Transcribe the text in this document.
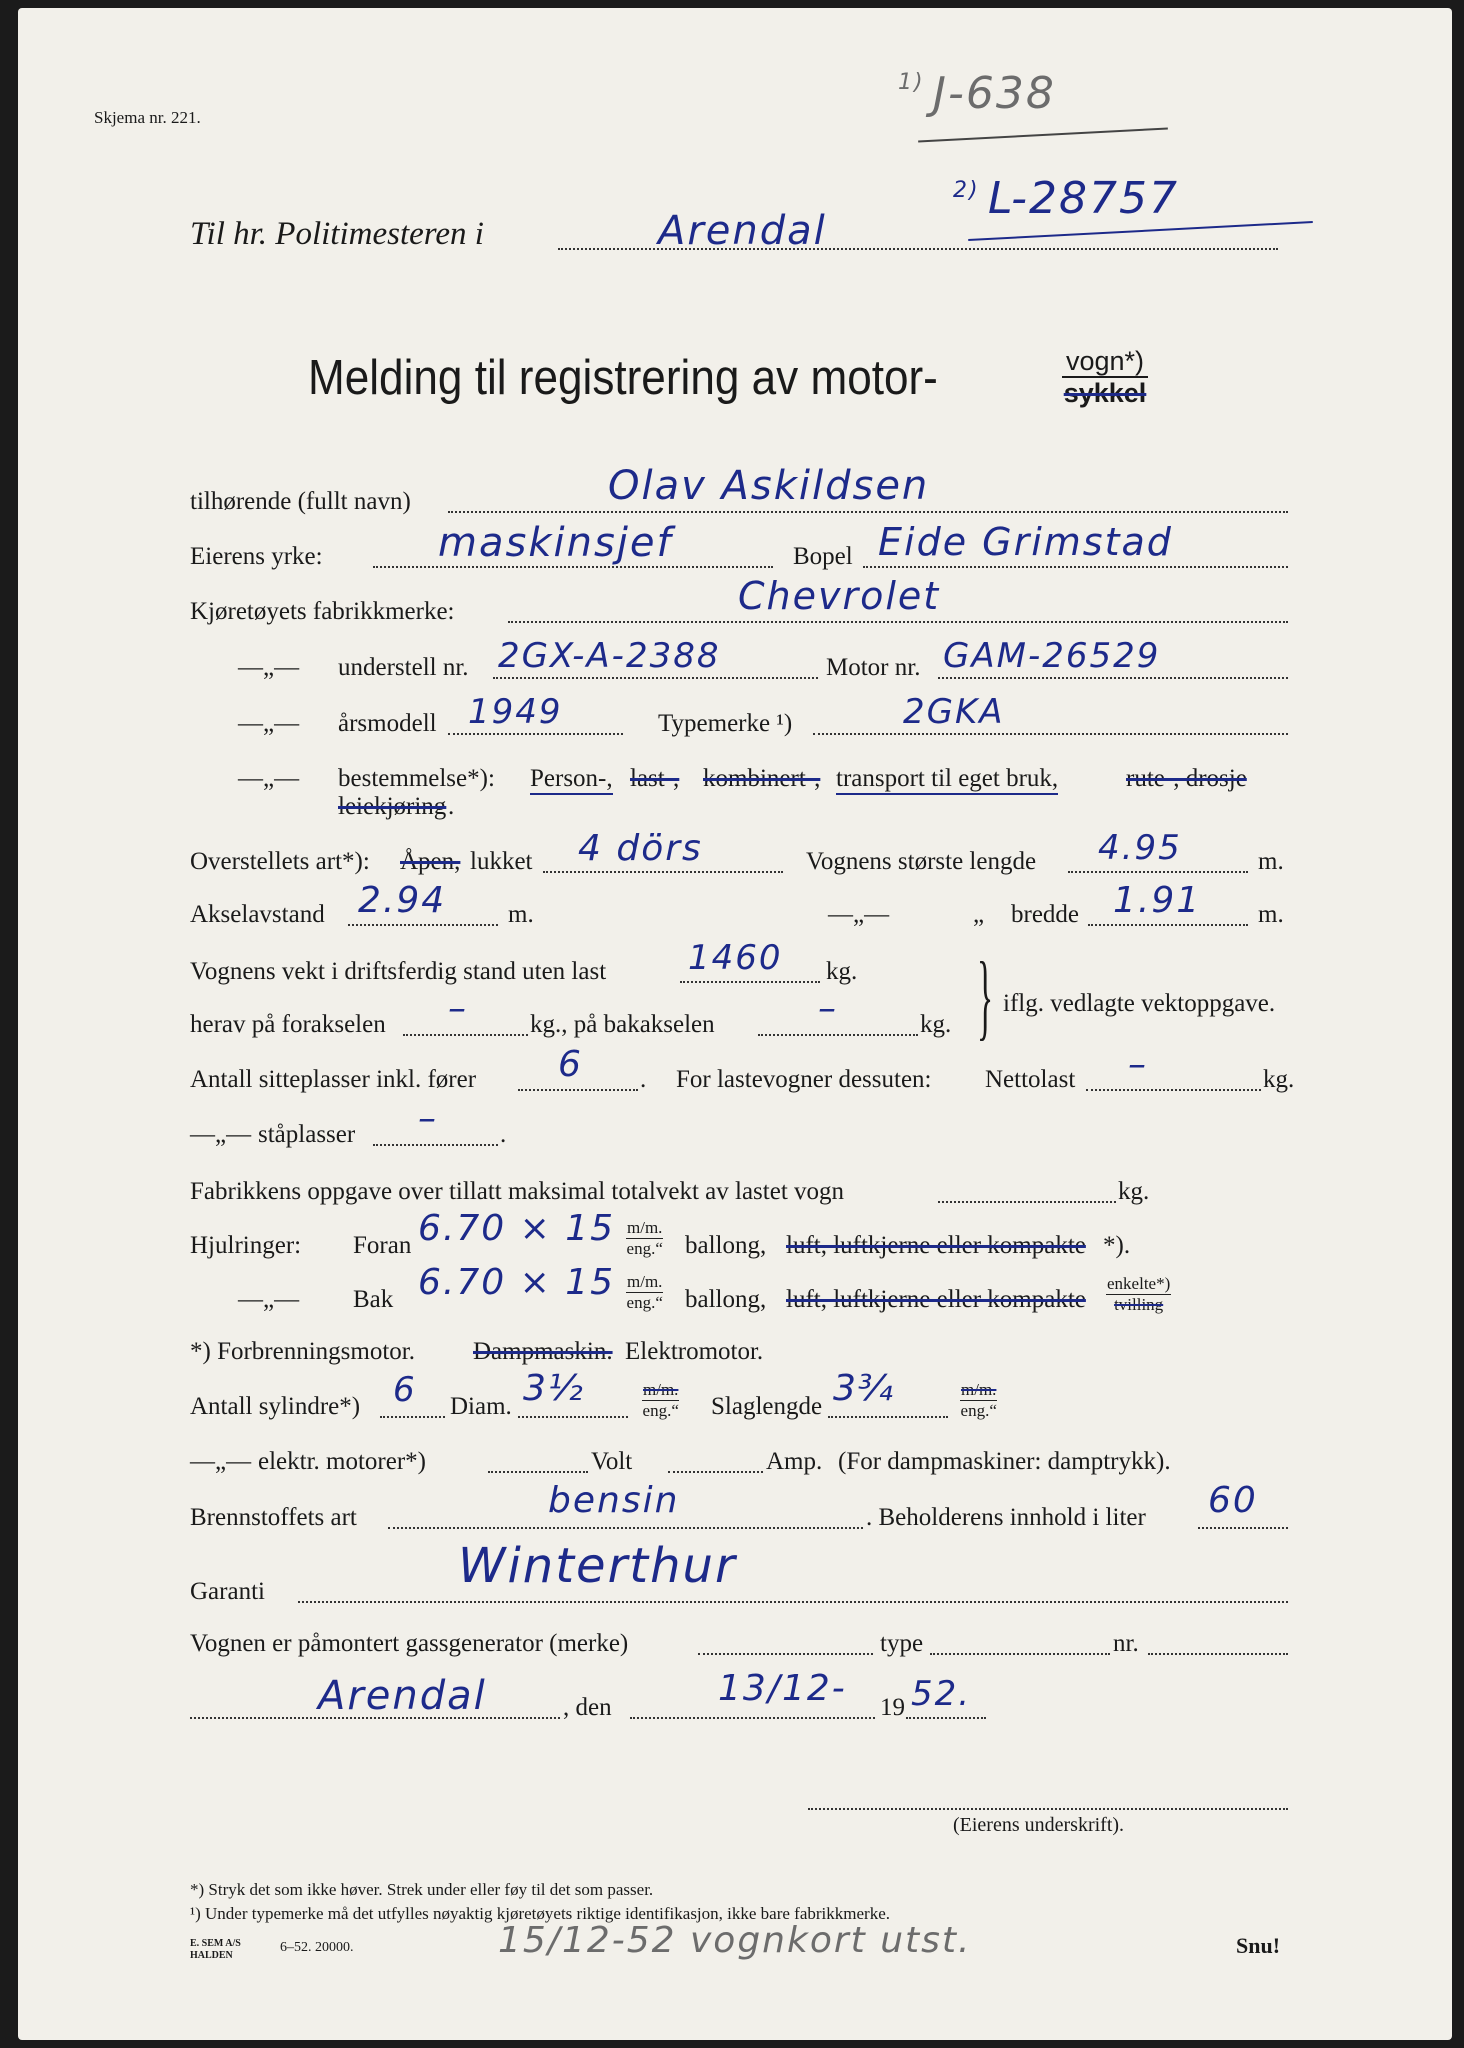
Skjema nr. 221.
1) J-638
2) L-28757
Til hr. Politimesteren i	Arendal
Melding til registrering av motor-	vogn*)
sykkel
tilhørende (fullt navn)	Olav Askildsen
Eierens yrke:	maskinsjef	Bopel Eide Grimstad
Kjøretøyets fabrikkmerke:	Chevrolet
—„— understell nr. 2GX-A-2388	Motor nr. GAM-26529
—„— årsmodell 1949	Typemerke ¹)	2GKA
—„— bestemmelse*): Person-, last-, kombinert-, transport til eget bruk,	rute-, drosje
leiekjøring .
Overstellets art*): Åpen, lukket 4 dörs	Vognens største lengde 4.95	m.
Akselavstand 2.94 m.	—„—	„ bredde 1.91 m.
Vognens vekt i driftsferdig stand uten last 1460 kg.
herav på forakselen – kg., på bakakselen	–	kg. } iflg. vedlagte vektoppgave.
Antall sitteplasser inkl. fører 6 . For lastevogner dessuten: Nettolast –	kg.
—„— ståplasser – .
Fabrikkens oppgave over tillatt maksimal totalvekt av lastet vogn	kg.
Hjulringer: Foran 6.70 × 15 m/m.
eng.“ ballong, luft, luftkjerne eller kompakte *).
—„— Bak 6.70 × 15 m/m.
eng.“ ballong, luft, luftkjerne eller kompakte
enkelte*)
tvilling
*) Forbrenningsmotor. Dampmaskin. Elektromotor.
Antall sylindre*) 6 Diam. 3½	m/m.
eng.“ Slaglengde 3¾	m/m.
eng.“
—„— elektr. motorer*)	Volt	Amp. (For dampmaskiner: damptrykk).
Brennstoffets art	bensin	. Beholderens innhold i liter 60
Garanti	Winterthur
Vognen er påmontert gassgenerator (merke)	type	nr.
Arendal	, den	13/12- 19 52.
(Eierens underskrift).
*) Stryk det som ikke høver. Strek under eller føy til det som passer.
¹) Under typemerke må det utfylles nøyaktig kjøretøyets riktige identifikasjon, ikke bare fabrikkmerke.
E. SEM A/S
HALDEN
6–52. 20000.	15/12-52 vognkort utst.	Snu!
